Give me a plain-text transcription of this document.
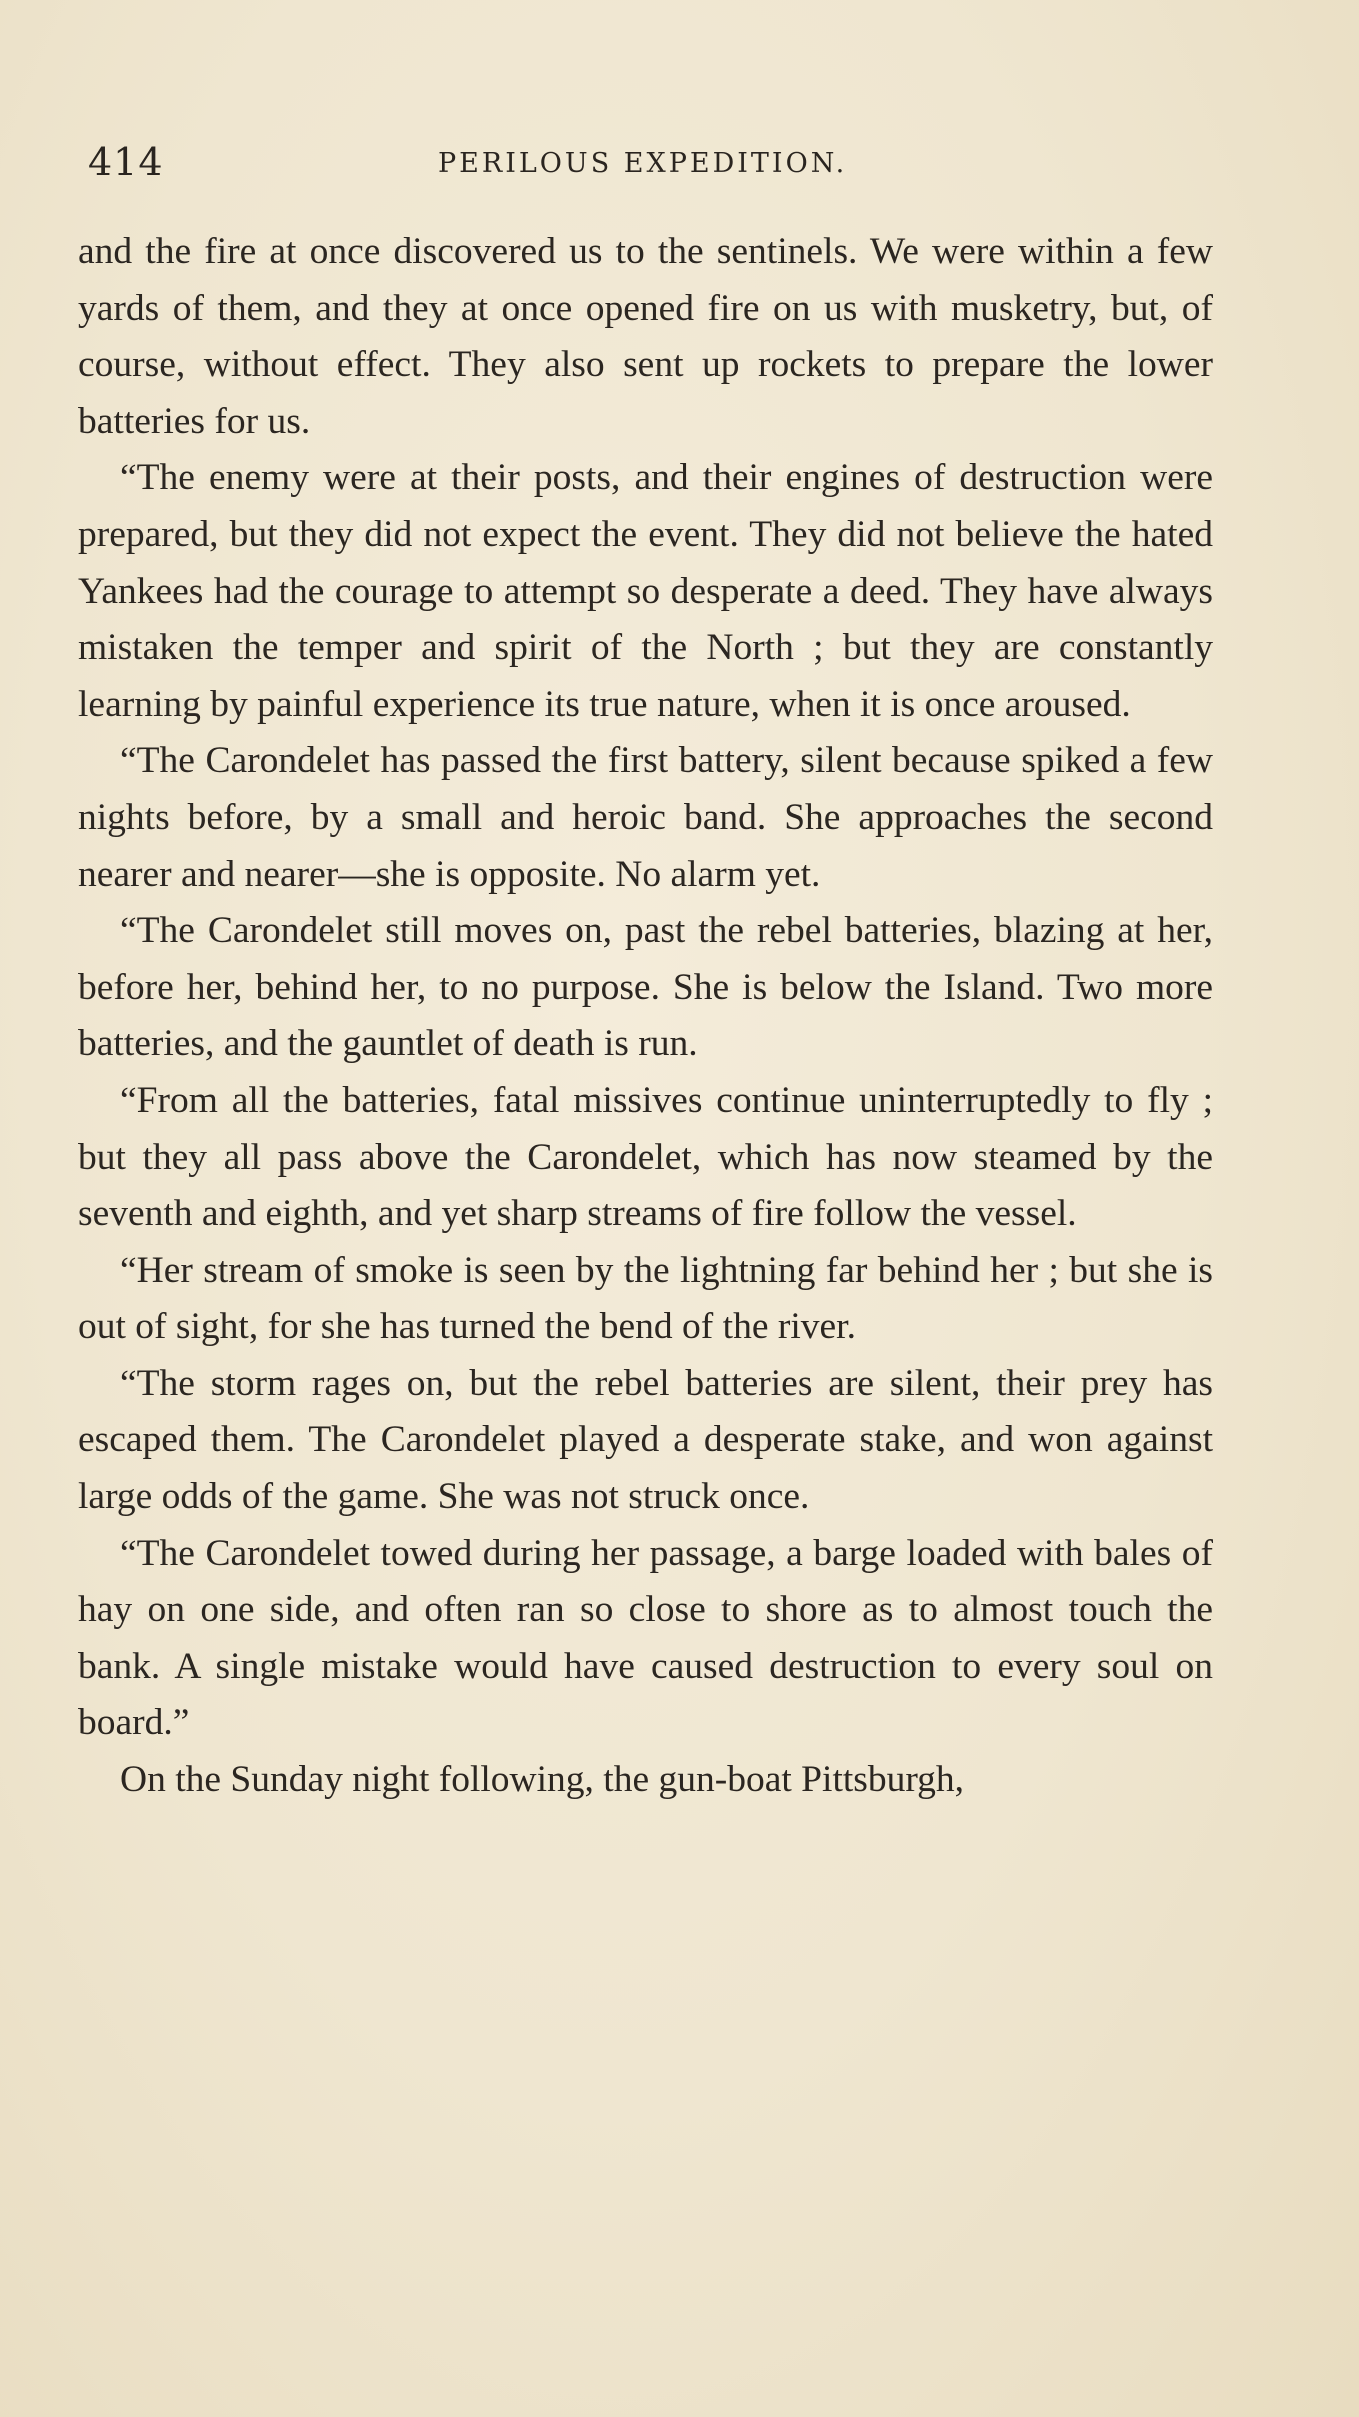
414	PERILOUS EXPEDITION.

and the fire at once discovered us to the sentinels. We were within a few yards of them, and they at once opened fire on us with musketry, but, of course, without effect. They also sent up rockets to prepare the lower batteries for us.

“The enemy were at their posts, and their engines of destruction were prepared, but they did not expect the event. They did not believe the hated Yankees had the courage to attempt so desperate a deed. They have always mistaken the temper and spirit of the North ; but they are constantly learning by painful experience its true nature, when it is once aroused.

“The Carondelet has passed the first battery, silent because spiked a few nights before, by a small and heroic band. She approaches the second nearer and nearer—she is opposite. No alarm yet.

“The Carondelet still moves on, past the rebel batteries, blazing at her, before her, behind her, to no purpose. She is below the Island. Two more batteries, and the gauntlet of death is run.

“From all the batteries, fatal missives continue uninterruptedly to fly ; but they all pass above the Carondelet, which has now steamed by the seventh and eighth, and yet sharp streams of fire follow the vessel.

“Her stream of smoke is seen by the lightning far behind her ; but she is out of sight, for she has turned the bend of the river.

“The storm rages on, but the rebel batteries are silent, their prey has escaped them. The Carondelet played a desperate stake, and won against large odds of the game. She was not struck once.

“The Carondelet towed during her passage, a barge loaded with bales of hay on one side, and often ran so close to shore as to almost touch the bank. A single mistake would have caused destruction to every soul on board.”

On the Sunday night following, the gun-boat Pittsburgh,
